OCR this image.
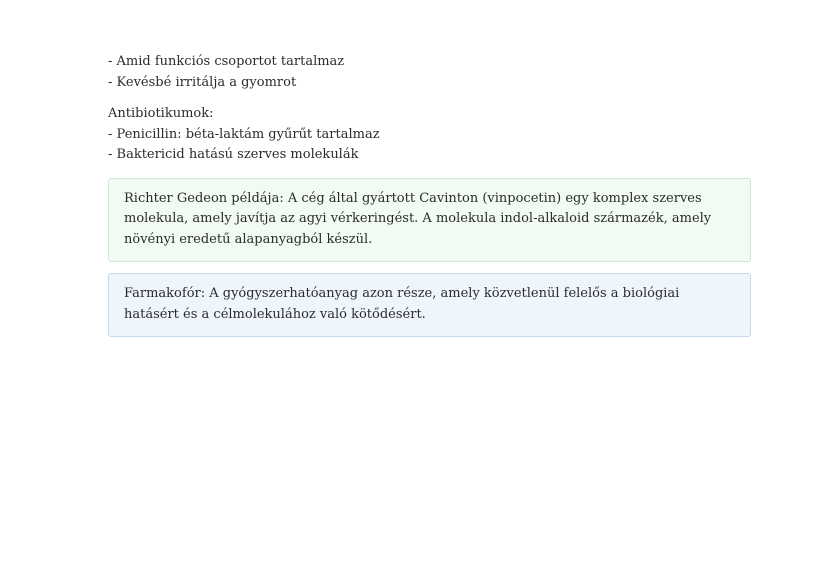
- Amid funkciós csoportot tartalmaz
- Kevésbé irritálja a gyomrot
Antibiotikumok:
- Penicillin: béta-laktám gyűrűt tartalmaz
- Baktericid hatású szerves molekulák
Richter Gedeon példája: A cég által gyártott Cavinton (vinpocetin) egy komplex szerves molekula, amely javítja az agyi vérkeringést. A molekula indol-alkaloid származék, amely növényi eredetű alapanyagból készül.
Farmakofór: A gyógyszerhatóanyag azon része, amely közvetlenül felelős a biológiai hatásért és a célmolekulához való kötődésért.
